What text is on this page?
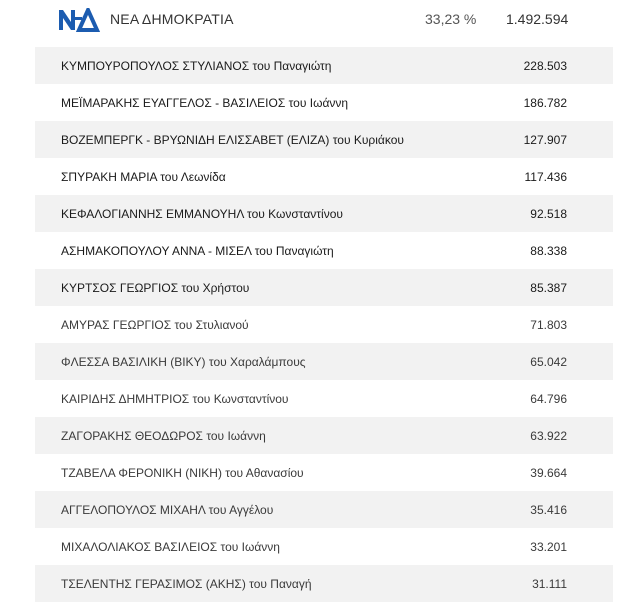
ΝΕΑ ΔΗΜΟΚΡΑΤΙΑ	33,23 % 1.492.594
ΚΥΜΠΟΥΡΟΠΟΥΛΟΣ ΣΤΥΛΙΑΝΟΣ του Παναγιώτη	228.503
ΜΕΪΜΑΡΑΚΗΣ ΕΥΑΓΓΕΛΟΣ - ΒΑΣΙΛΕΙΟΣ του Ιωάννη	186.782
ΒΟΖΕΜΠΕΡΓΚ - ΒΡΥΩΝΙΔΗ ΕΛΙΣΣΑΒΕΤ (ΕΛΙΖΑ) του Κυριάκου	127.907
ΣΠΥΡΑΚΗ ΜΑΡΙΑ του Λεωνίδα	117.436
ΚΕΦΑΛΟΓΙΑΝΝΗΣ ΕΜΜΑΝΟΥΗΛ του Κωνσταντίνου	92.518
ΑΣΗΜΑΚΟΠΟΥΛΟΥ ΑΝΝΑ - ΜΙΣΕΛ του Παναγιώτη	88.338
ΚΥΡΤΣΟΣ ΓΕΩΡΓΙΟΣ του Χρήστου	85.387
ΑΜΥΡΑΣ ΓΕΩΡΓΙΟΣ του Στυλιανού	71.803
ΦΛΕΣΣΑ ΒΑΣΙΛΙΚΗ (ΒΙΚΥ) του Χαραλάμπους	65.042
ΚΑΙΡΙΔΗΣ ΔΗΜΗΤΡΙΟΣ του Κωνσταντίνου	64.796
ΖΑΓΟΡΑΚΗΣ ΘΕΟΔΩΡΟΣ του Ιωάννη	63.922
ΤΖΑΒΕΛΑ ΦΕΡΟΝΙΚΗ (ΝΙΚΗ) του Αθανασίου	39.664
ΑΓΓΕΛΟΠΟΥΛΟΣ ΜΙΧΑΗΛ του Αγγέλου	35.416
ΜΙΧΑΛΟΛΙΑΚΟΣ ΒΑΣΙΛΕΙΟΣ του Ιωάννη	33.201
ΤΣΕΛΕΝΤΗΣ ΓΕΡΑΣΙΜΟΣ (ΑΚΗΣ) του Παναγή	31.111
